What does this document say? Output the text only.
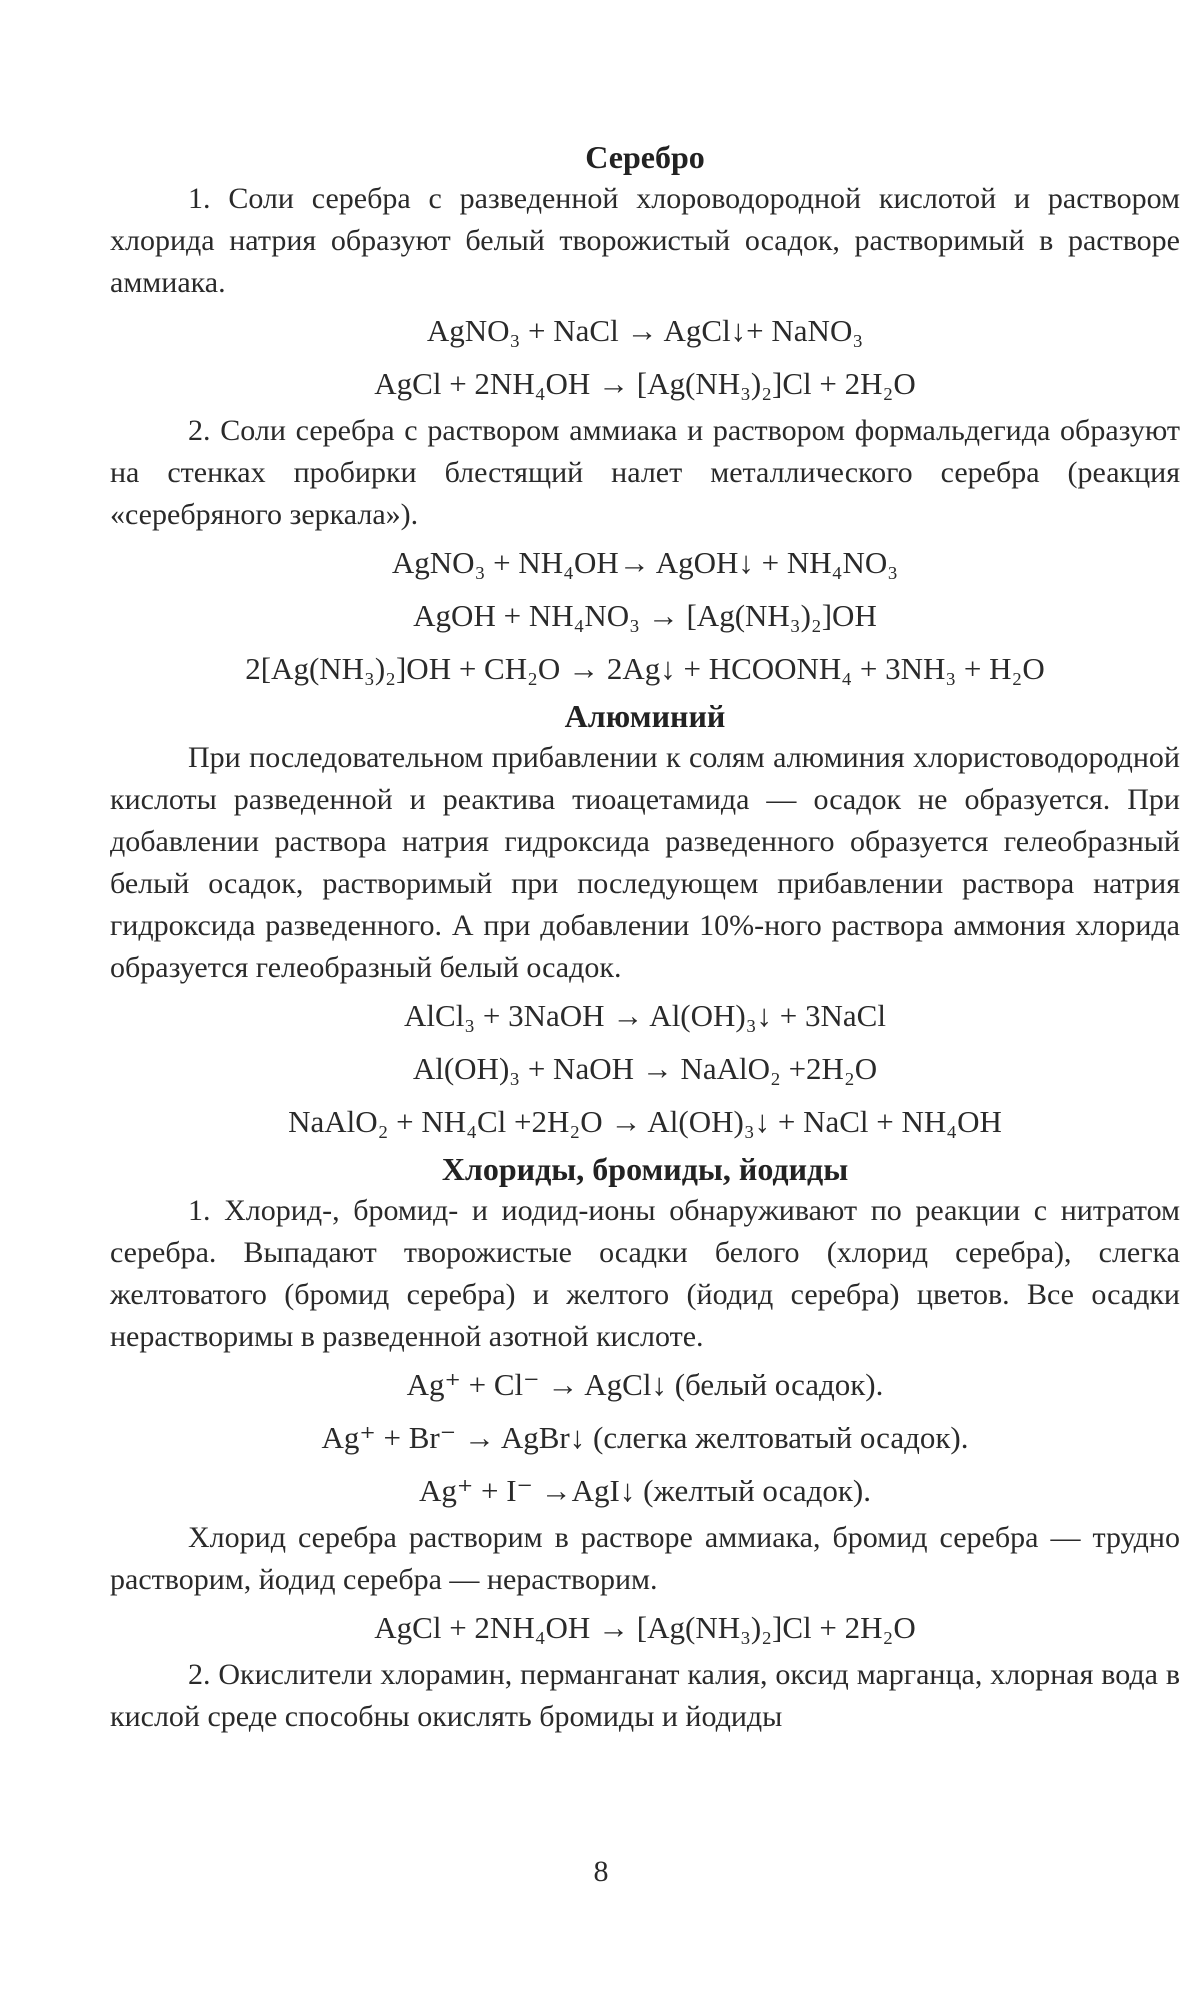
Серебро

1. Соли серебра с разведенной хлороводородной кислотой и раствором хлорида натрия образуют белый творожистый осадок, растворимый в растворе аммиака.

AgNO₃ + NaCl → AgCl↓+ NaNO₃
AgCl + 2NH₄OH → [Ag(NH₃)₂]Cl + 2H₂O

2. Соли серебра с раствором аммиака и раствором формальдегида образуют на стенках пробирки блестящий налет металлического серебра (реакция «серебряного зеркала»).

AgNO₃ + NH₄OH→ AgOH↓ + NH₄NO₃
AgOH + NH₄NO₃ → [Ag(NH₃)₂]OH
2[Ag(NH₃)₂]OH + CH₂O → 2Ag↓ + HCOONH₄ + 3NH₃ + H₂O
Алюминий

При последовательном прибавлении к солям алюминия хлористоводородной кислоты разведенной и реактива тиоацетамида — осадок не образуется. При добавлении раствора натрия гидроксида разведенного образуется гелеобразный белый осадок, растворимый при последующем прибавлении раствора натрия гидроксида разведенного. А при добавлении 10%-ного раствора аммония хлорида образуется гелеобразный белый осадок.

AlCl₃ + 3NaOH → Al(OH)₃↓ + 3NaCl
Al(OH)₃ + NaOH → NaAlO₂ +2H₂O
NaAlO₂ + NH₄Cl +2H₂O → Al(OH)₃↓ + NaCl + NH₄OH
Хлориды, бромиды, йодиды

1. Хлорид-, бромид- и иодид-ионы обнаруживают по реакции с нитратом серебра. Выпадают творожистые осадки белого (хлорид серебра), слегка желтоватого (бромид серебра) и желтого (йодид серебра) цветов. Все осадки нерастворимы в разведенной азотной кислоте.

Ag⁺ + Cl⁻ → AgCl↓ (белый осадок).
Ag⁺ + Br⁻ → AgBr↓ (слегка желтоватый осадок).
Ag⁺ + I⁻ →AgI↓ (желтый осадок).

Хлорид серебра растворим в растворе аммиака, бромид серебра — трудно растворим, йодид серебра — нерастворим.

AgCl + 2NH₄OH → [Ag(NH₃)₂]Cl + 2H₂O

2. Окислители хлорамин, перманганат калия, оксид марганца, хлорная вода в кислой среде способны окислять бромиды и йодиды

8
